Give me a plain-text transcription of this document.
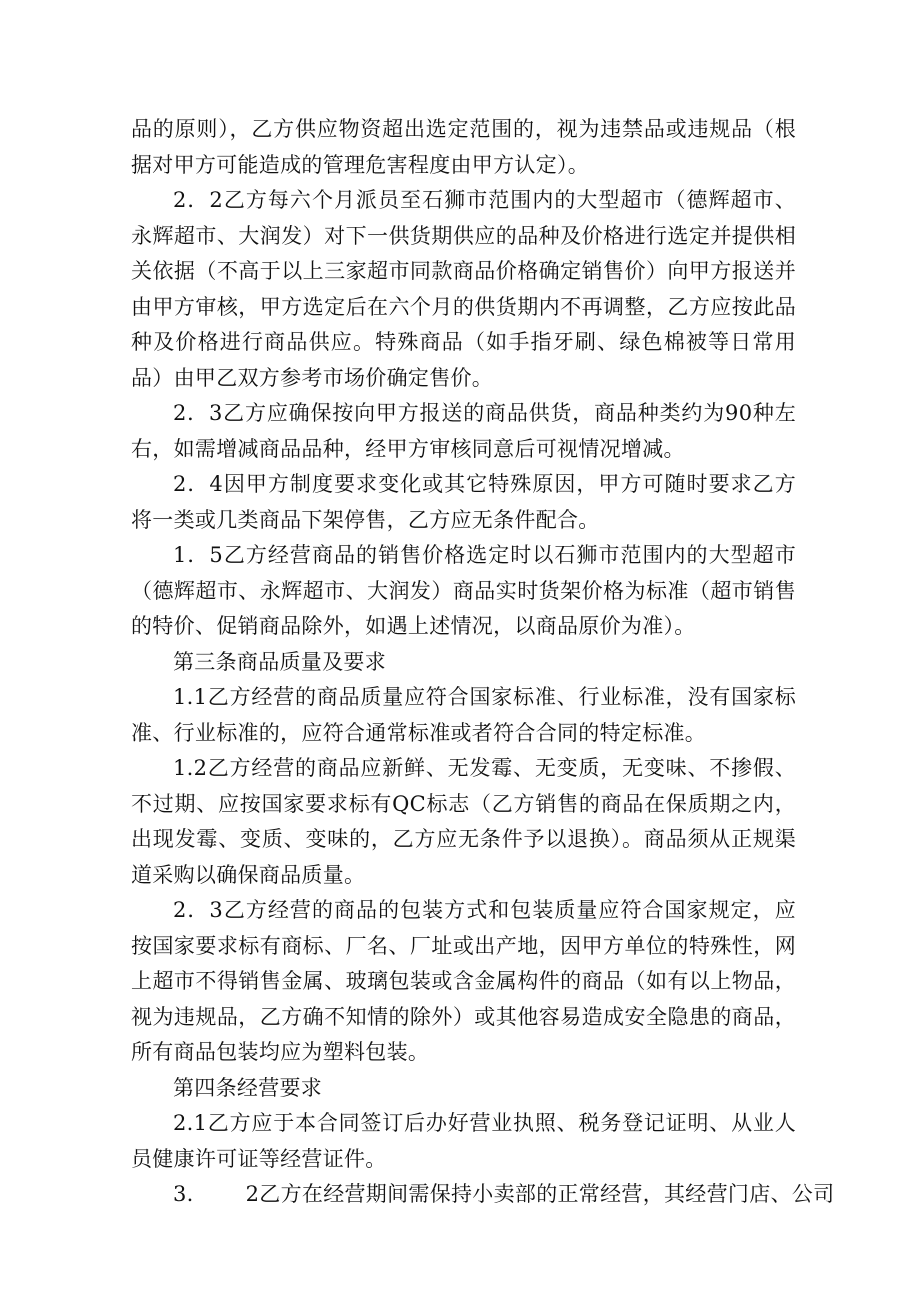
品的原则），乙方供应物资超出选定范围的，视为违禁品或违规品（根据对甲方可能造成的管理危害程度由甲方认定）。

2．2乙方每六个月派员至石狮市范围内的大型超市（德辉超市、永辉超市、大润发）对下一供货期供应的品种及价格进行选定并提供相关依据（不高于以上三家超市同款商品价格确定销售价）向甲方报送并由甲方审核，甲方选定后在六个月的供货期内不再调整，乙方应按此品种及价格进行商品供应。特殊商品（如手指牙刷、绿色棉被等日常用品）由甲乙双方参考市场价确定售价。

2．3乙方应确保按向甲方报送的商品供货，商品种类约为90种左右，如需增减商品品种，经甲方审核同意后可视情况增减。

2．4因甲方制度要求变化或其它特殊原因，甲方可随时要求乙方将一类或几类商品下架停售，乙方应无条件配合。

1．5乙方经营商品的销售价格选定时以石狮市范围内的大型超市（德辉超市、永辉超市、大润发）商品实时货架价格为标准（超市销售的特价、促销商品除外，如遇上述情况，以商品原价为准）。

第三条商品质量及要求

1.1乙方经营的商品质量应符合国家标准、行业标准，没有国家标准、行业标准的，应符合通常标准或者符合合同的特定标准。

1.2乙方经营的商品应新鲜、无发霉、无变质，无变味、不掺假、不过期、应按国家要求标有QC标志（乙方销售的商品在保质期之内，出现发霉、变质、变味的，乙方应无条件予以退换）。商品须从正规渠道采购以确保商品质量。

2．3乙方经营的商品的包装方式和包装质量应符合国家规定，应按国家要求标有商标、厂名、厂址或出产地，因甲方单位的特殊性，网上超市不得销售金属、玻璃包装或含金属构件的商品（如有以上物品，视为违规品，乙方确不知情的除外）或其他容易造成安全隐患的商品，所有商品包装均应为塑料包装。

第四条经营要求

2.1乙方应于本合同签订后办好营业执照、税务登记证明、从业人员健康许可证等经营证件。

3. 2乙方在经营期间需保持小卖部的正常经营，其经营门店、公司
